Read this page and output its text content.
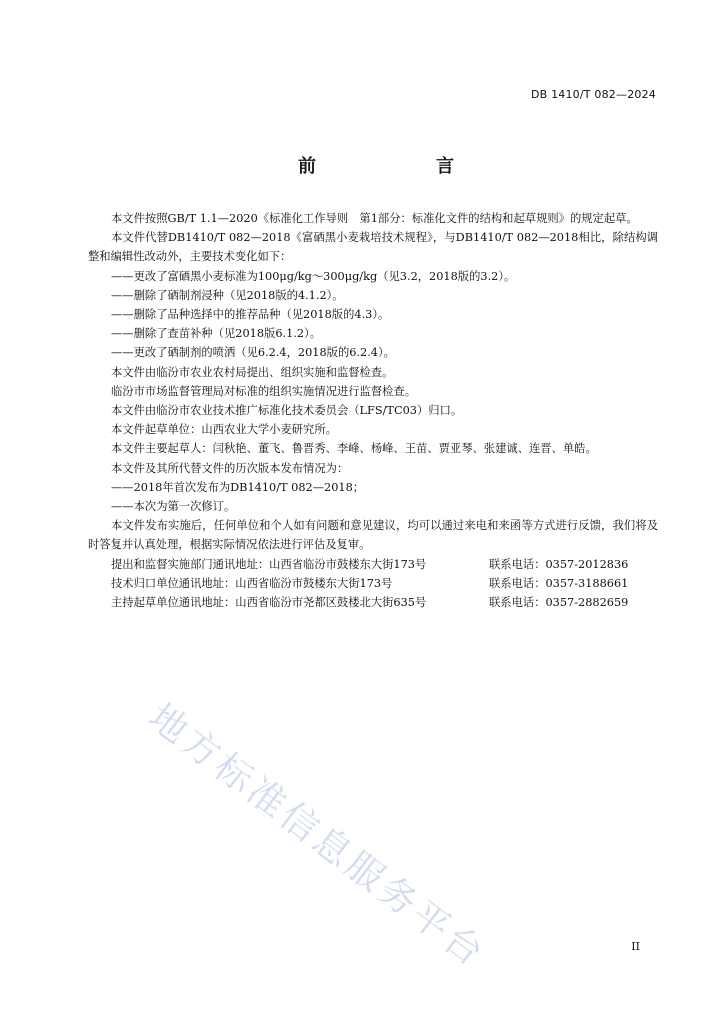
DB 1410/T 082—2024
前　　言

本文件按照GB/T 1.1—2020《标准化工作导则　第1部分：标准化文件的结构和起草规则》的规定起草。

本文件代替DB1410/T 082—2018《富硒黑小麦栽培技术规程》，与DB1410/T 082—2018相比，除结构调整和编辑性改动外，主要技术变化如下：

——更改了富硒黑小麦标准为100μg/kg～300μg/kg（见3.2，2018版的3.2）。

——删除了硒制剂浸种（见2018版的4.1.2）。

——删除了品种选择中的推荐品种（见2018版的4.3）。

——删除了查苗补种（见2018版6.1.2）。

——更改了硒制剂的喷洒（见6.2.4，2018版的6.2.4）。

本文件由临汾市农业农村局提出、组织实施和监督检查。

临汾市市场监督管理局对标准的组织实施情况进行监督检查。

本文件由临汾市农业技术推广标准化技术委员会（LFS/TC03）归口。

本文件起草单位：山西农业大学小麦研究所。

本文件主要起草人：闫秋艳、董飞、鲁晋秀、李峰、杨峰、王苗、贾亚琴、张建诚、连晋、单皓。

本文件及其所代替文件的历次版本发布情况为：

——2018年首次发布为DB1410/T 082—2018；

——本次为第一次修订。

本文件发布实施后，任何单位和个人如有问题和意见建议，均可以通过来电和来函等方式进行反馈，我们将及时答复并认真处理，根据实际情况依法进行评估及复审。

提出和监督实施部门通讯地址：山西省临汾市鼓楼东大街173号	联系电话：0357-2012836
技术归口单位通讯地址：山西省临汾市鼓楼东大街173号	联系电话：0357-3188661
主持起草单位通讯地址：山西省临汾市尧都区鼓楼北大街635号	联系电话：0357-2882659
地方标准信息服务平台	II
